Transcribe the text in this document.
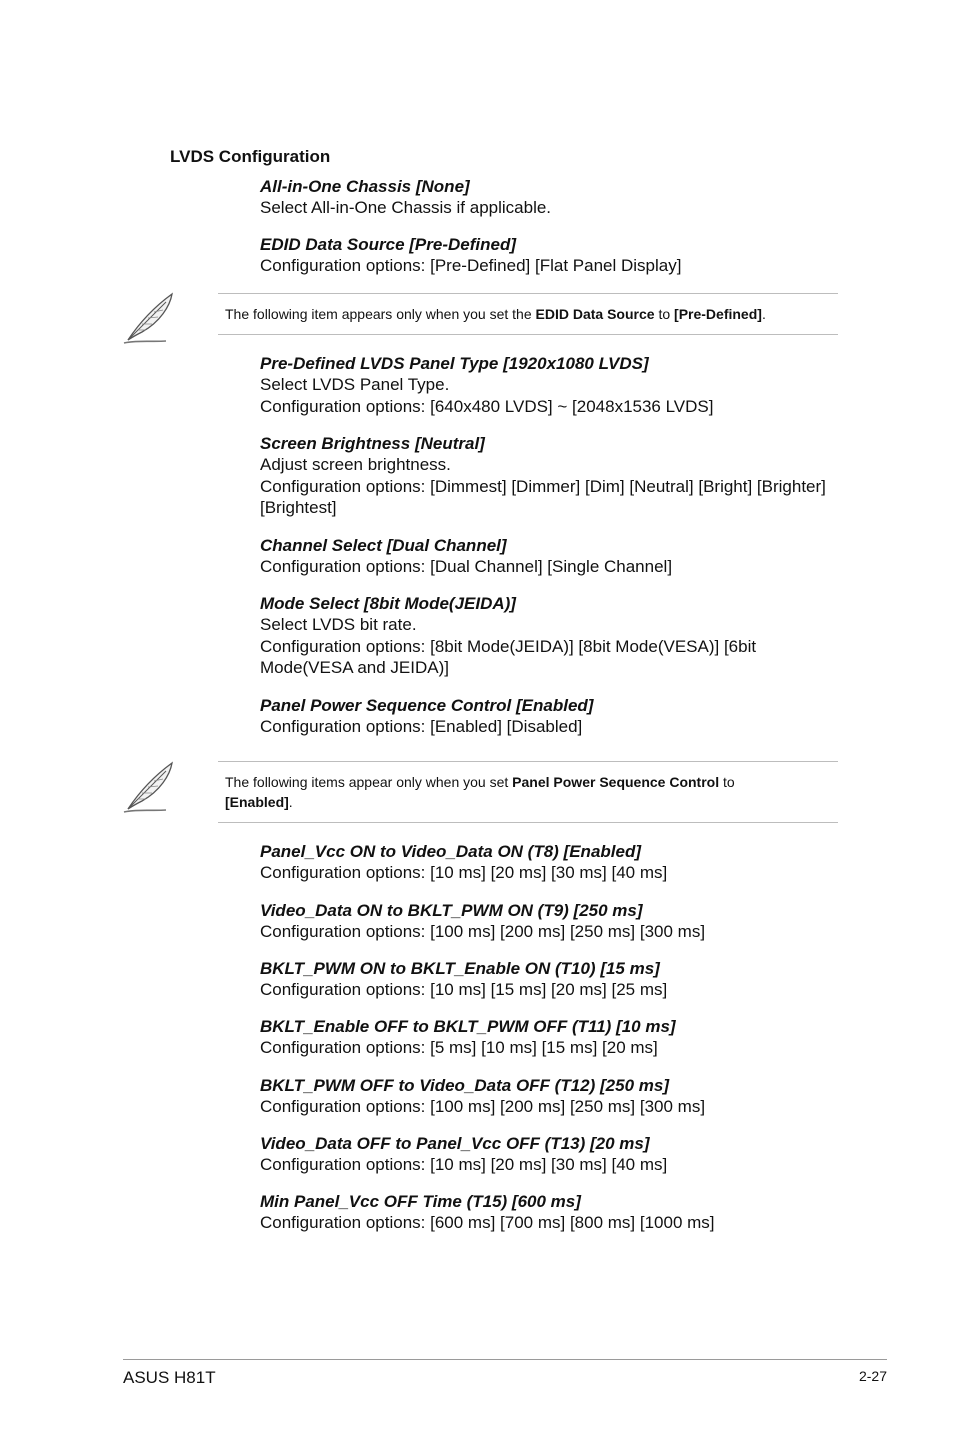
LVDS Configuration
All-in-One Chassis [None]
Select All-in-One Chassis if applicable.
EDID Data Source [Pre-Defined]
Configuration options: [Pre-Defined] [Flat Panel Display]
The following item appears only when you set the EDID Data Source to [Pre-Defined].
Pre-Defined LVDS Panel Type [1920x1080 LVDS]
Select LVDS Panel Type.
Configuration options: [640x480 LVDS] ~ [2048x1536 LVDS]
Screen Brightness [Neutral]
Adjust screen brightness.
Configuration options: [Dimmest] [Dimmer] [Dim] [Neutral] [Bright] [Brighter] [Brightest]
Channel Select [Dual Channel]
Configuration options: [Dual Channel] [Single Channel]
Mode Select [8bit Mode(JEIDA)]
Select LVDS bit rate.
Configuration options: [8bit Mode(JEIDA)] [8bit Mode(VESA)] [6bit Mode(VESA and JEIDA)]
Panel Power Sequence Control [Enabled]
Configuration options: [Enabled] [Disabled]
The following items appear only when you set Panel Power Sequence Control to
[Enabled].
Panel_Vcc ON to Video_Data ON (T8) [Enabled]
Configuration options: [10 ms] [20 ms] [30 ms] [40 ms]
Video_Data ON to BKLT_PWM ON (T9) [250 ms]
Configuration options: [100 ms] [200 ms] [250 ms] [300 ms]
BKLT_PWM ON to BKLT_Enable ON (T10) [15 ms]
Configuration options: [10 ms] [15 ms] [20 ms] [25 ms]
BKLT_Enable OFF to BKLT_PWM OFF (T11) [10 ms]
Configuration options: [5 ms] [10 ms] [15 ms] [20 ms]
BKLT_PWM OFF to Video_Data OFF (T12) [250 ms]
Configuration options: [100 ms] [200 ms] [250 ms] [300 ms]
Video_Data OFF to Panel_Vcc OFF (T13) [20 ms]
Configuration options: [10 ms] [20 ms] [30 ms] [40 ms]
Min Panel_Vcc OFF Time (T15) [600 ms]
Configuration options: [600 ms] [700 ms] [800 ms] [1000 ms]
ASUS H81T	2-27
